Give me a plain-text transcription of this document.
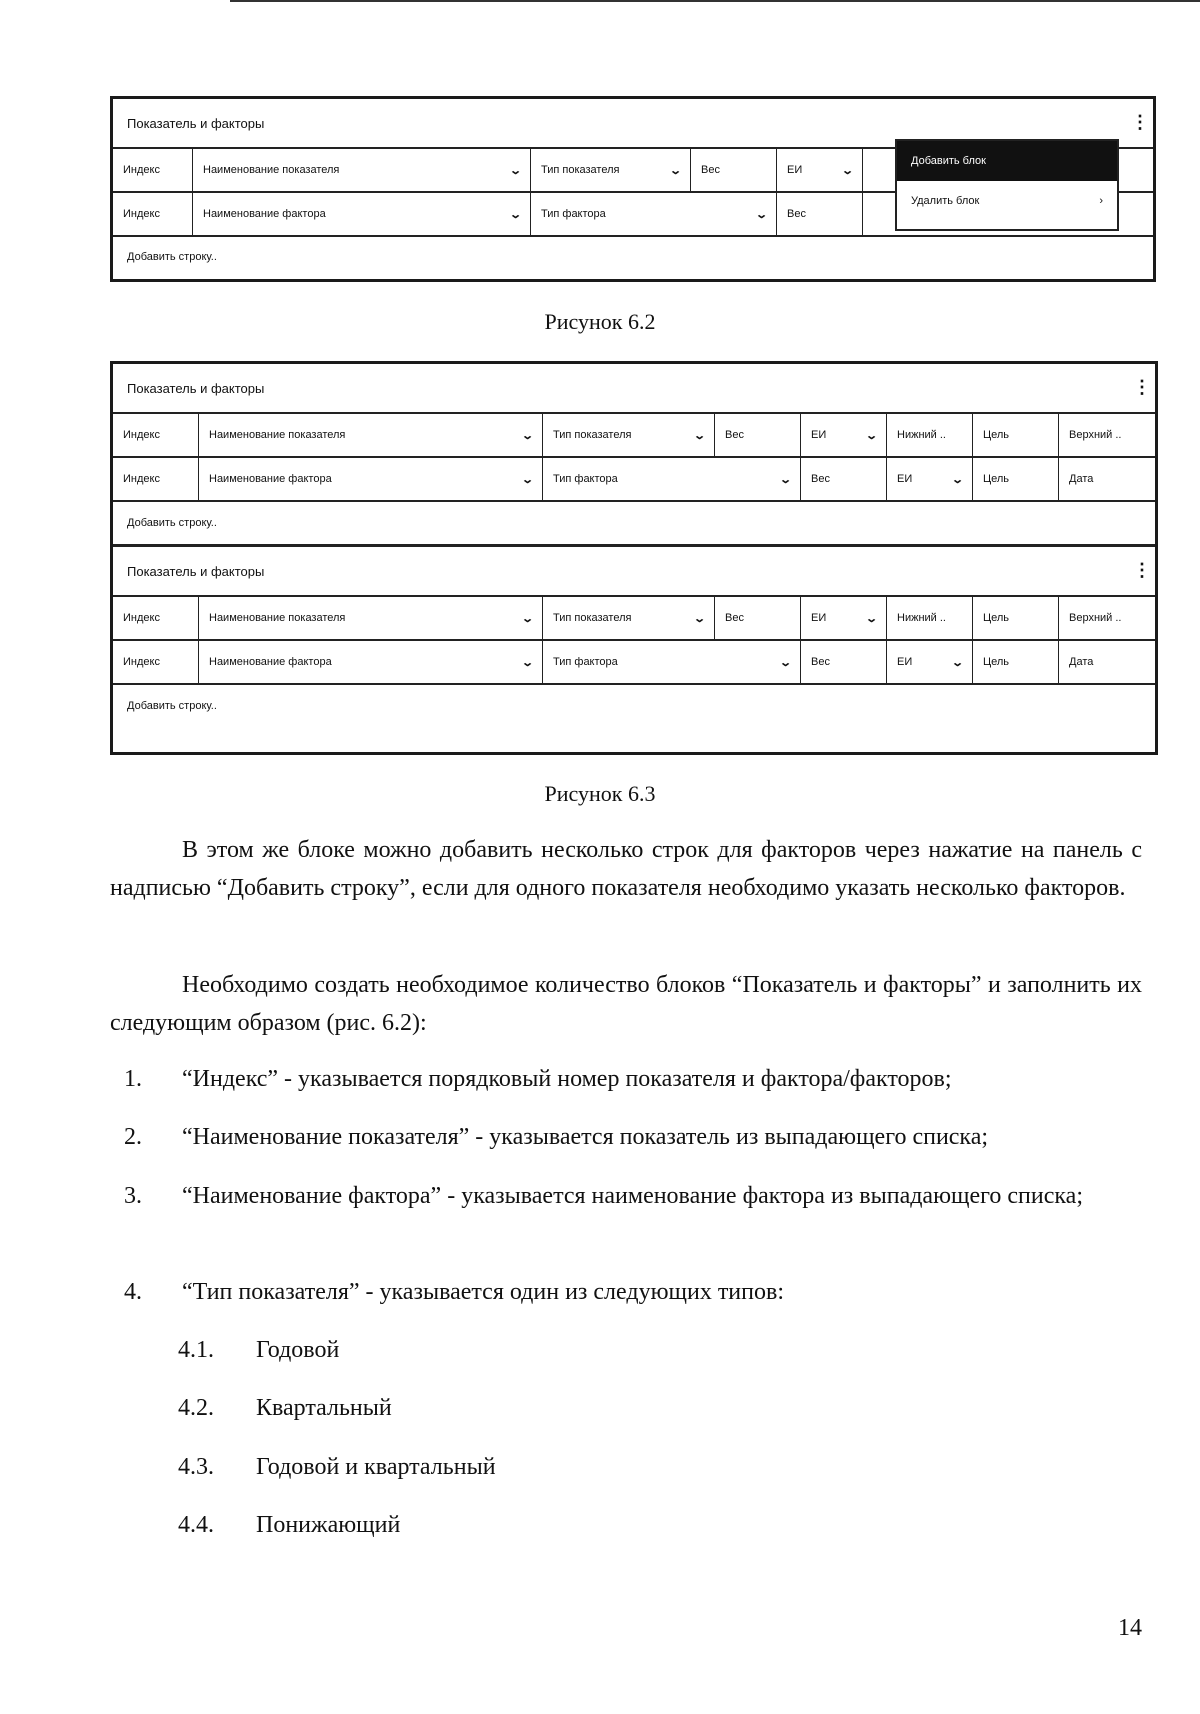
Показатель и факторы	⋮
Индекс	Наименование показателя	⌄ Тип показателя	⌄ Вес	ЕИ	⌄
Индекс	Наименование фактора	⌄ Тип фактора	⌄ Вес
Добавить строку..
Добавить блок
Удалить блок	›
Рисунок 6.2
Показатель и факторы	⋮
Индекс	Наименование показателя	⌄ Тип показателя	⌄ Вес	ЕИ	⌄ Нижний ..	Цель	Верхний ..
Индекс	Наименование фактора	⌄ Тип фактора	⌄ Вес	ЕИ	⌄ Цель	Дата
Добавить строку..
Показатель и факторы	⋮
Индекс	Наименование показателя	⌄ Тип показателя	⌄ Вес	ЕИ	⌄ Нижний ..	Цель	Верхний ..
Индекс	Наименование фактора	⌄ Тип фактора	⌄ Вес	ЕИ	⌄ Цель	Дата
Добавить строку..
Рисунок 6.3
В этом же блоке можно добавить несколько строк для факторов через нажатие на панель с надписью “Добавить строку”, если для одного показателя необходимо указать несколько факторов.
Необходимо создать необходимое количество блоков “Показатель и факторы” и заполнить их следующим образом (рис. 6.2):
1. “Индекс” - указывается порядковый номер показателя и фактора/факторов;
2. “Наименование показателя” - указывается показатель из выпадающего списка;
3. “Наименование фактора” - указывается наименование фактора из выпадающего списка;
4. “Тип показателя” - указывается один из следующих типов:
4.1. Годовой
4.2. Квартальный
4.3. Годовой и квартальный
4.4. Понижающий
14
